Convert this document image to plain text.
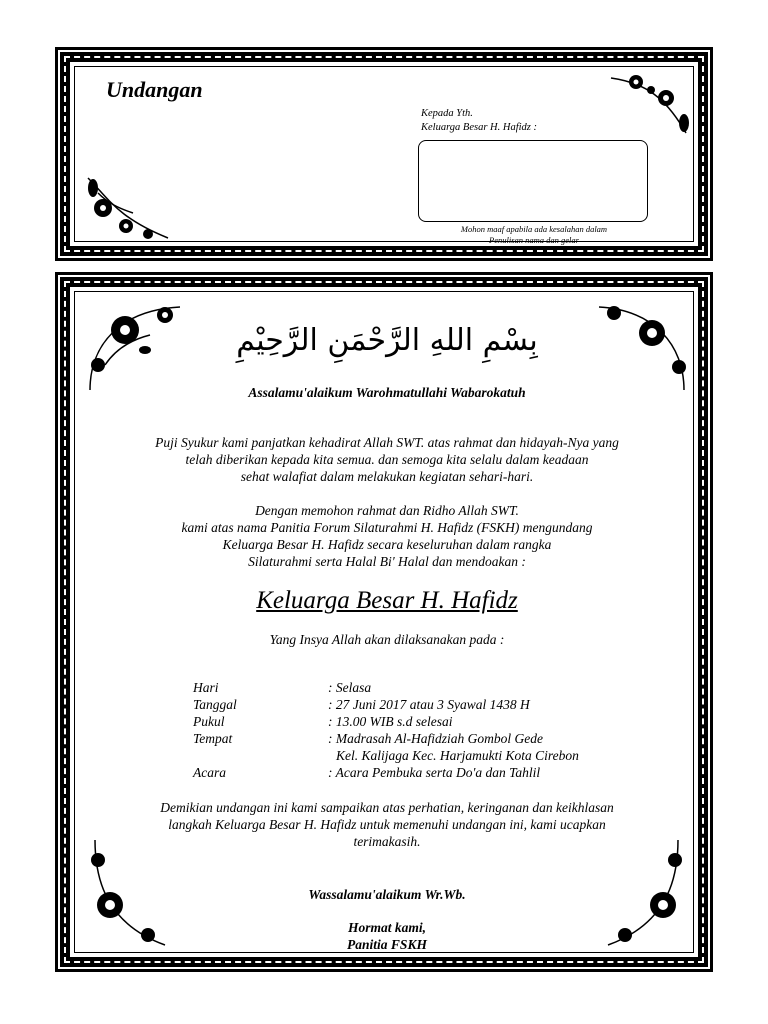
Undangan
Kepada Yth.
Keluarga Besar H. Hafidz :
Mohon maaf apabila ada kesalahan dalam
Penulisan nama dan gelar
بِسْمِ اللهِ الرَّحْمَنِ الرَّحِيْمِ
Assalamu'alaikum Warohmatullahi Wabarokatuh
Puji Syukur kami panjatkan kehadirat Allah SWT. atas rahmat dan hidayah-Nya yang
telah diberikan kepada kita semua. dan semoga kita selalu dalam keadaan
sehat walafiat dalam melakukan kegiatan sehari-hari.
Dengan memohon rahmat dan Ridho Allah SWT.
kami atas nama Panitia Forum Silaturahmi H. Hafidz (FSKH) mengundang
Keluarga Besar H. Hafidz secara keseluruhan dalam rangka
Silaturahmi serta Halal Bi' Halal dan mendoakan :
Keluarga Besar H. Hafidz
Yang Insya Allah akan dilaksanakan pada :
Hari	: Selasa
Tanggal	: 27 Juni 2017 atau 3 Syawal 1438 H
Pukul	: 13.00 WIB s.d selesai
Tempat	: Madrasah Al-Hafidziah Gombol Gede
Kel. Kalijaga Kec. Harjamukti Kota Cirebon
Acara	: Acara Pembuka serta Do'a dan Tahlil
Demikian undangan ini kami sampaikan atas perhatian, keringanan dan keikhlasan
langkah Keluarga Besar H. Hafidz untuk memenuhi undangan ini, kami ucapkan
terimakasih.
Wassalamu'alaikum Wr.Wb.
Hormat kami,
Panitia FSKH
